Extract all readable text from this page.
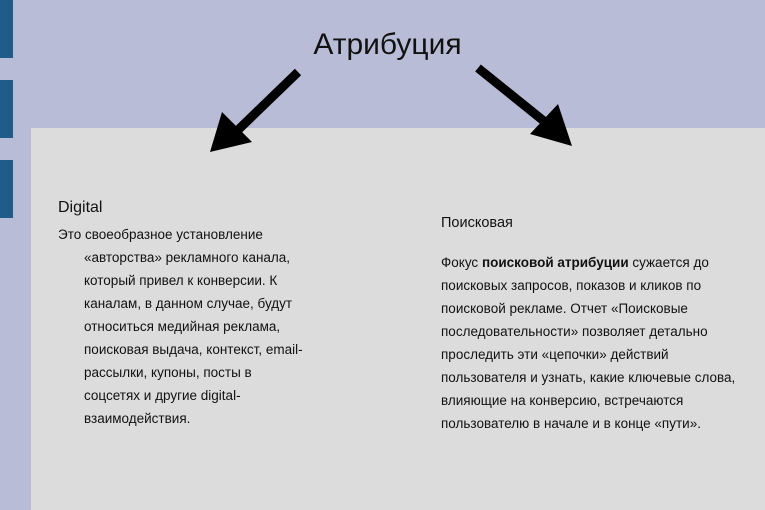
Атрибуция
Digital

Это своеобразное установление «авторства» рекламного канала, который привел к конверсии. К каналам, в данном случае, будут относиться медийная реклама, поисковая выдача, контекст, email-рассылки, купоны, посты в соцсетях и другие digital-взаимодействия.

Поисковая
Фокус поисковой атрибуции сужается до поисковых запросов, показов и кликов по поисковой рекламе. Отчет «Поисковые последовательности» позволяет детально проследить эти «цепочки» действий пользователя и узнать, какие ключевые слова, влияющие на конверсию, встречаются пользователю в начале и в конце «пути».
